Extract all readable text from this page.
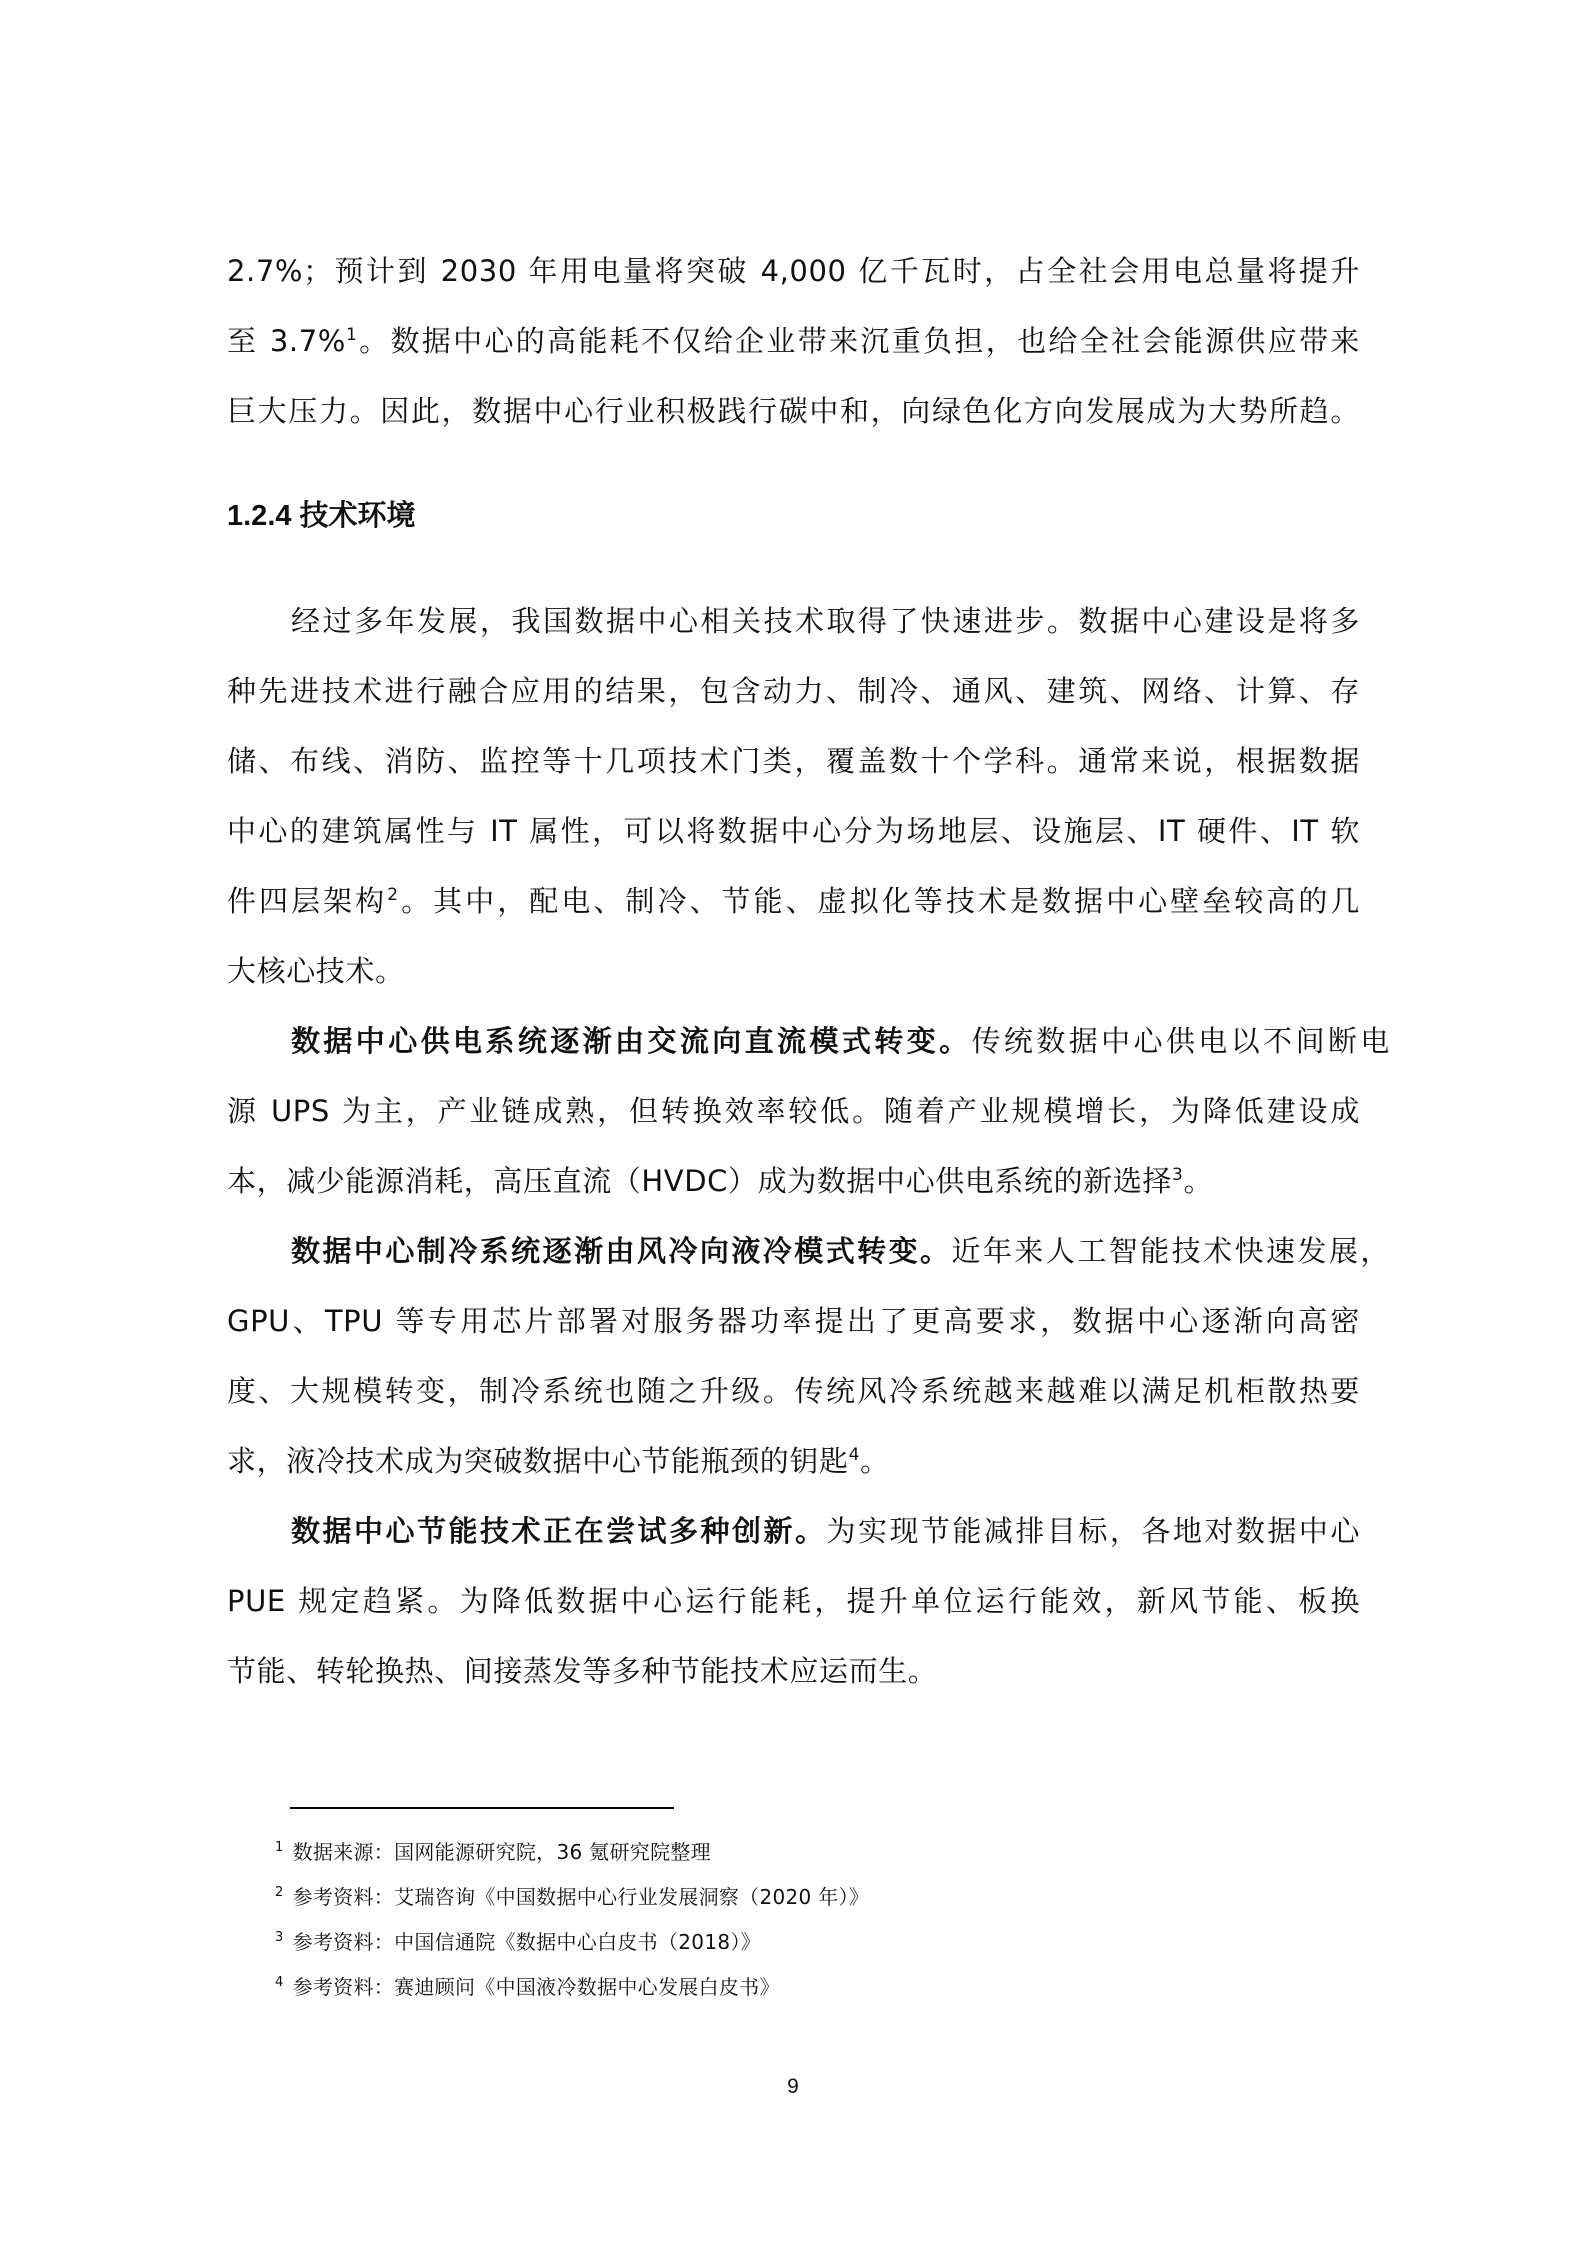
2.7%；预计到 2030 年用电量将突破 4,000 亿千瓦时，占全社会用电总量将提升
至 3.7%$^1$。数据中心的高能耗不仅给企业带来沉重负担，也给全社会能源供应带来
巨大压力。因此，数据中心行业积极践行碳中和，向绿色化方向发展成为大势所趋。
1.2.4 技术环境
经过多年发展，我国数据中心相关技术取得了快速进步。数据中心建设是将多
种先进技术进行融合应用的结果，包含动力、制冷、通风、建筑、网络、计算、存
储、布线、消防、监控等十几项技术门类，覆盖数十个学科。通常来说，根据数据
中心的建筑属性与 IT 属性，可以将数据中心分为场地层、设施层、IT 硬件、IT 软
件四层架构$^2$。其中，配电、制冷、节能、虚拟化等技术是数据中心壁垒较高的几
大核心技术。
数据中心供电系统逐渐由交流向直流模式转变。传统数据中心供电以不间断电
源 UPS 为主，产业链成熟，但转换效率较低。随着产业规模增长，为降低建设成
本，减少能源消耗，高压直流（HVDC）成为数据中心供电系统的新选择$^3$。
数据中心制冷系统逐渐由风冷向液冷模式转变。近年来人工智能技术快速发展，
GPU、TPU 等专用芯片部署对服务器功率提出了更高要求，数据中心逐渐向高密
度、大规模转变，制冷系统也随之升级。传统风冷系统越来越难以满足机柜散热要
求，液冷技术成为突破数据中心节能瓶颈的钥匙$^4$。
数据中心节能技术正在尝试多种创新。为实现节能减排目标，各地对数据中心
PUE 规定趋紧。为降低数据中心运行能耗，提升单位运行能效，新风节能、板换
节能、转轮换热、间接蒸发等多种节能技术应运而生。
$^1$ 数据来源：国网能源研究院，36 氪研究院整理
$^2$ 参考资料：艾瑞咨询《中国数据中心行业发展洞察（2020 年）》
$^3$ 参考资料：中国信通院《数据中心白皮书（2018）》
$^4$ 参考资料：赛迪顾问《中国液冷数据中心发展白皮书》
9
